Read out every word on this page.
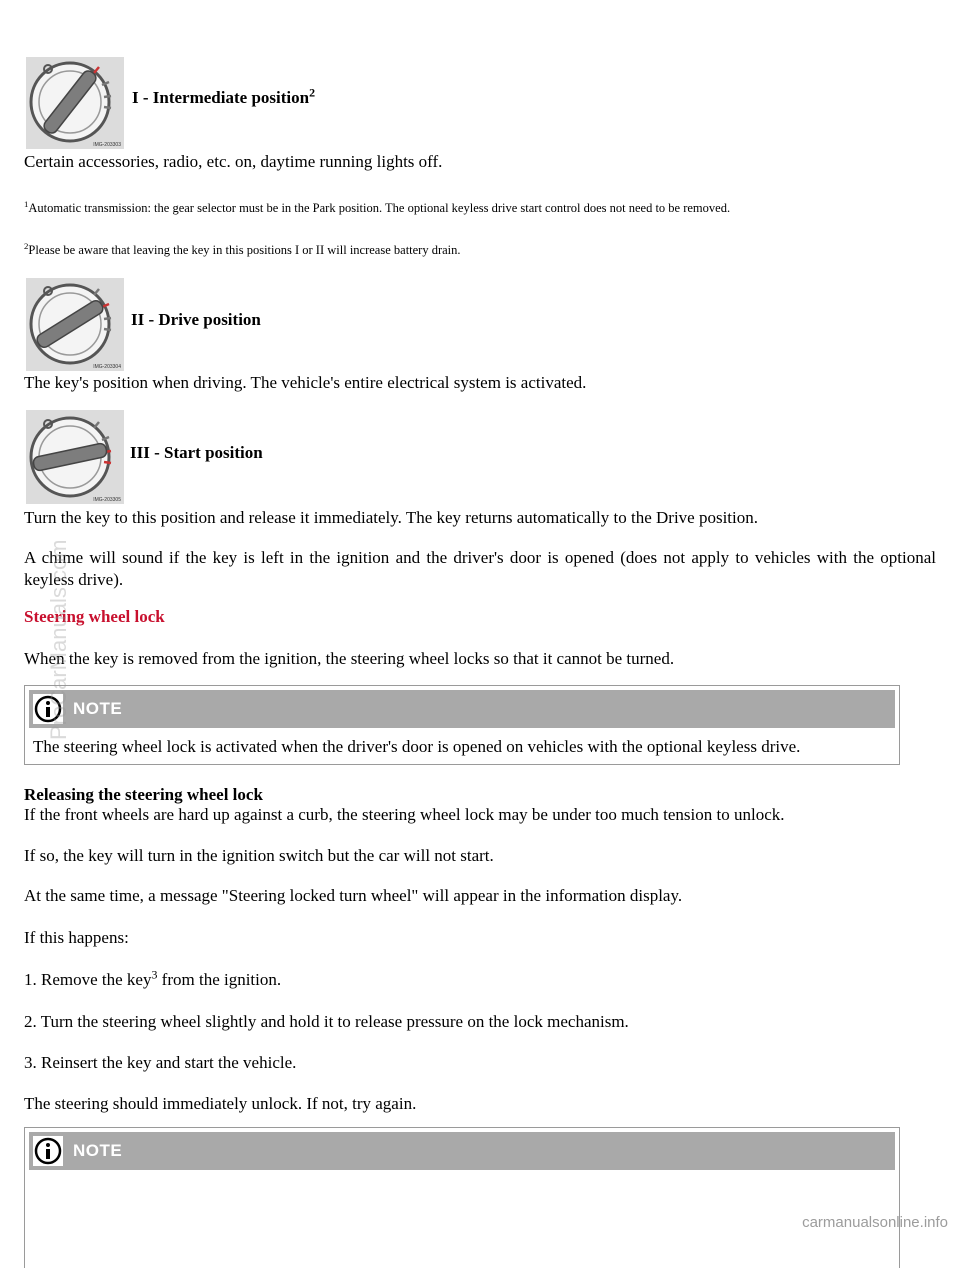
IMG-203303
I - Intermediate position$^2$

Certain accessories, radio, etc. on, daytime running lights off.

$^1$Automatic transmission: the gear selector must be in the Park position. The optional keyless drive start control does not need to be removed.

$^2$Please be aware that leaving the key in this positions I or II will increase battery drain.

IMG-203304
II - Drive position

The key's position when driving. The vehicle's entire electrical system is activated.

IMG-203305
III - Start position

Turn the key to this position and release it immediately. The key returns automatically to the Drive position.

A chime will sound if the key is left in the ignition and the driver's door is opened (does not apply to vehicles with the optional keyless drive).

Steering wheel lock

When the key is removed from the ignition, the steering wheel locks so that it cannot be turned.

NOTE
The steering wheel lock is activated when the driver's door is opened on vehicles with the optional keyless drive.
Releasing the steering wheel lock

If the front wheels are hard up against a curb, the steering wheel lock may be under too much tension to unlock.

If so, the key will turn in the ignition switch but the car will not start.

At the same time, a message "Steering locked turn wheel" will appear in the information display.

If this happens:

1. Remove the key$^3$ from the ignition.

2. Turn the steering wheel slightly and hold it to release pressure on the lock mechanism.

3. Reinsert the key and start the vehicle.

The steering should immediately unlock. If not, try again.

NOTE
ProCarManuals.com
carmanualsonline.info
